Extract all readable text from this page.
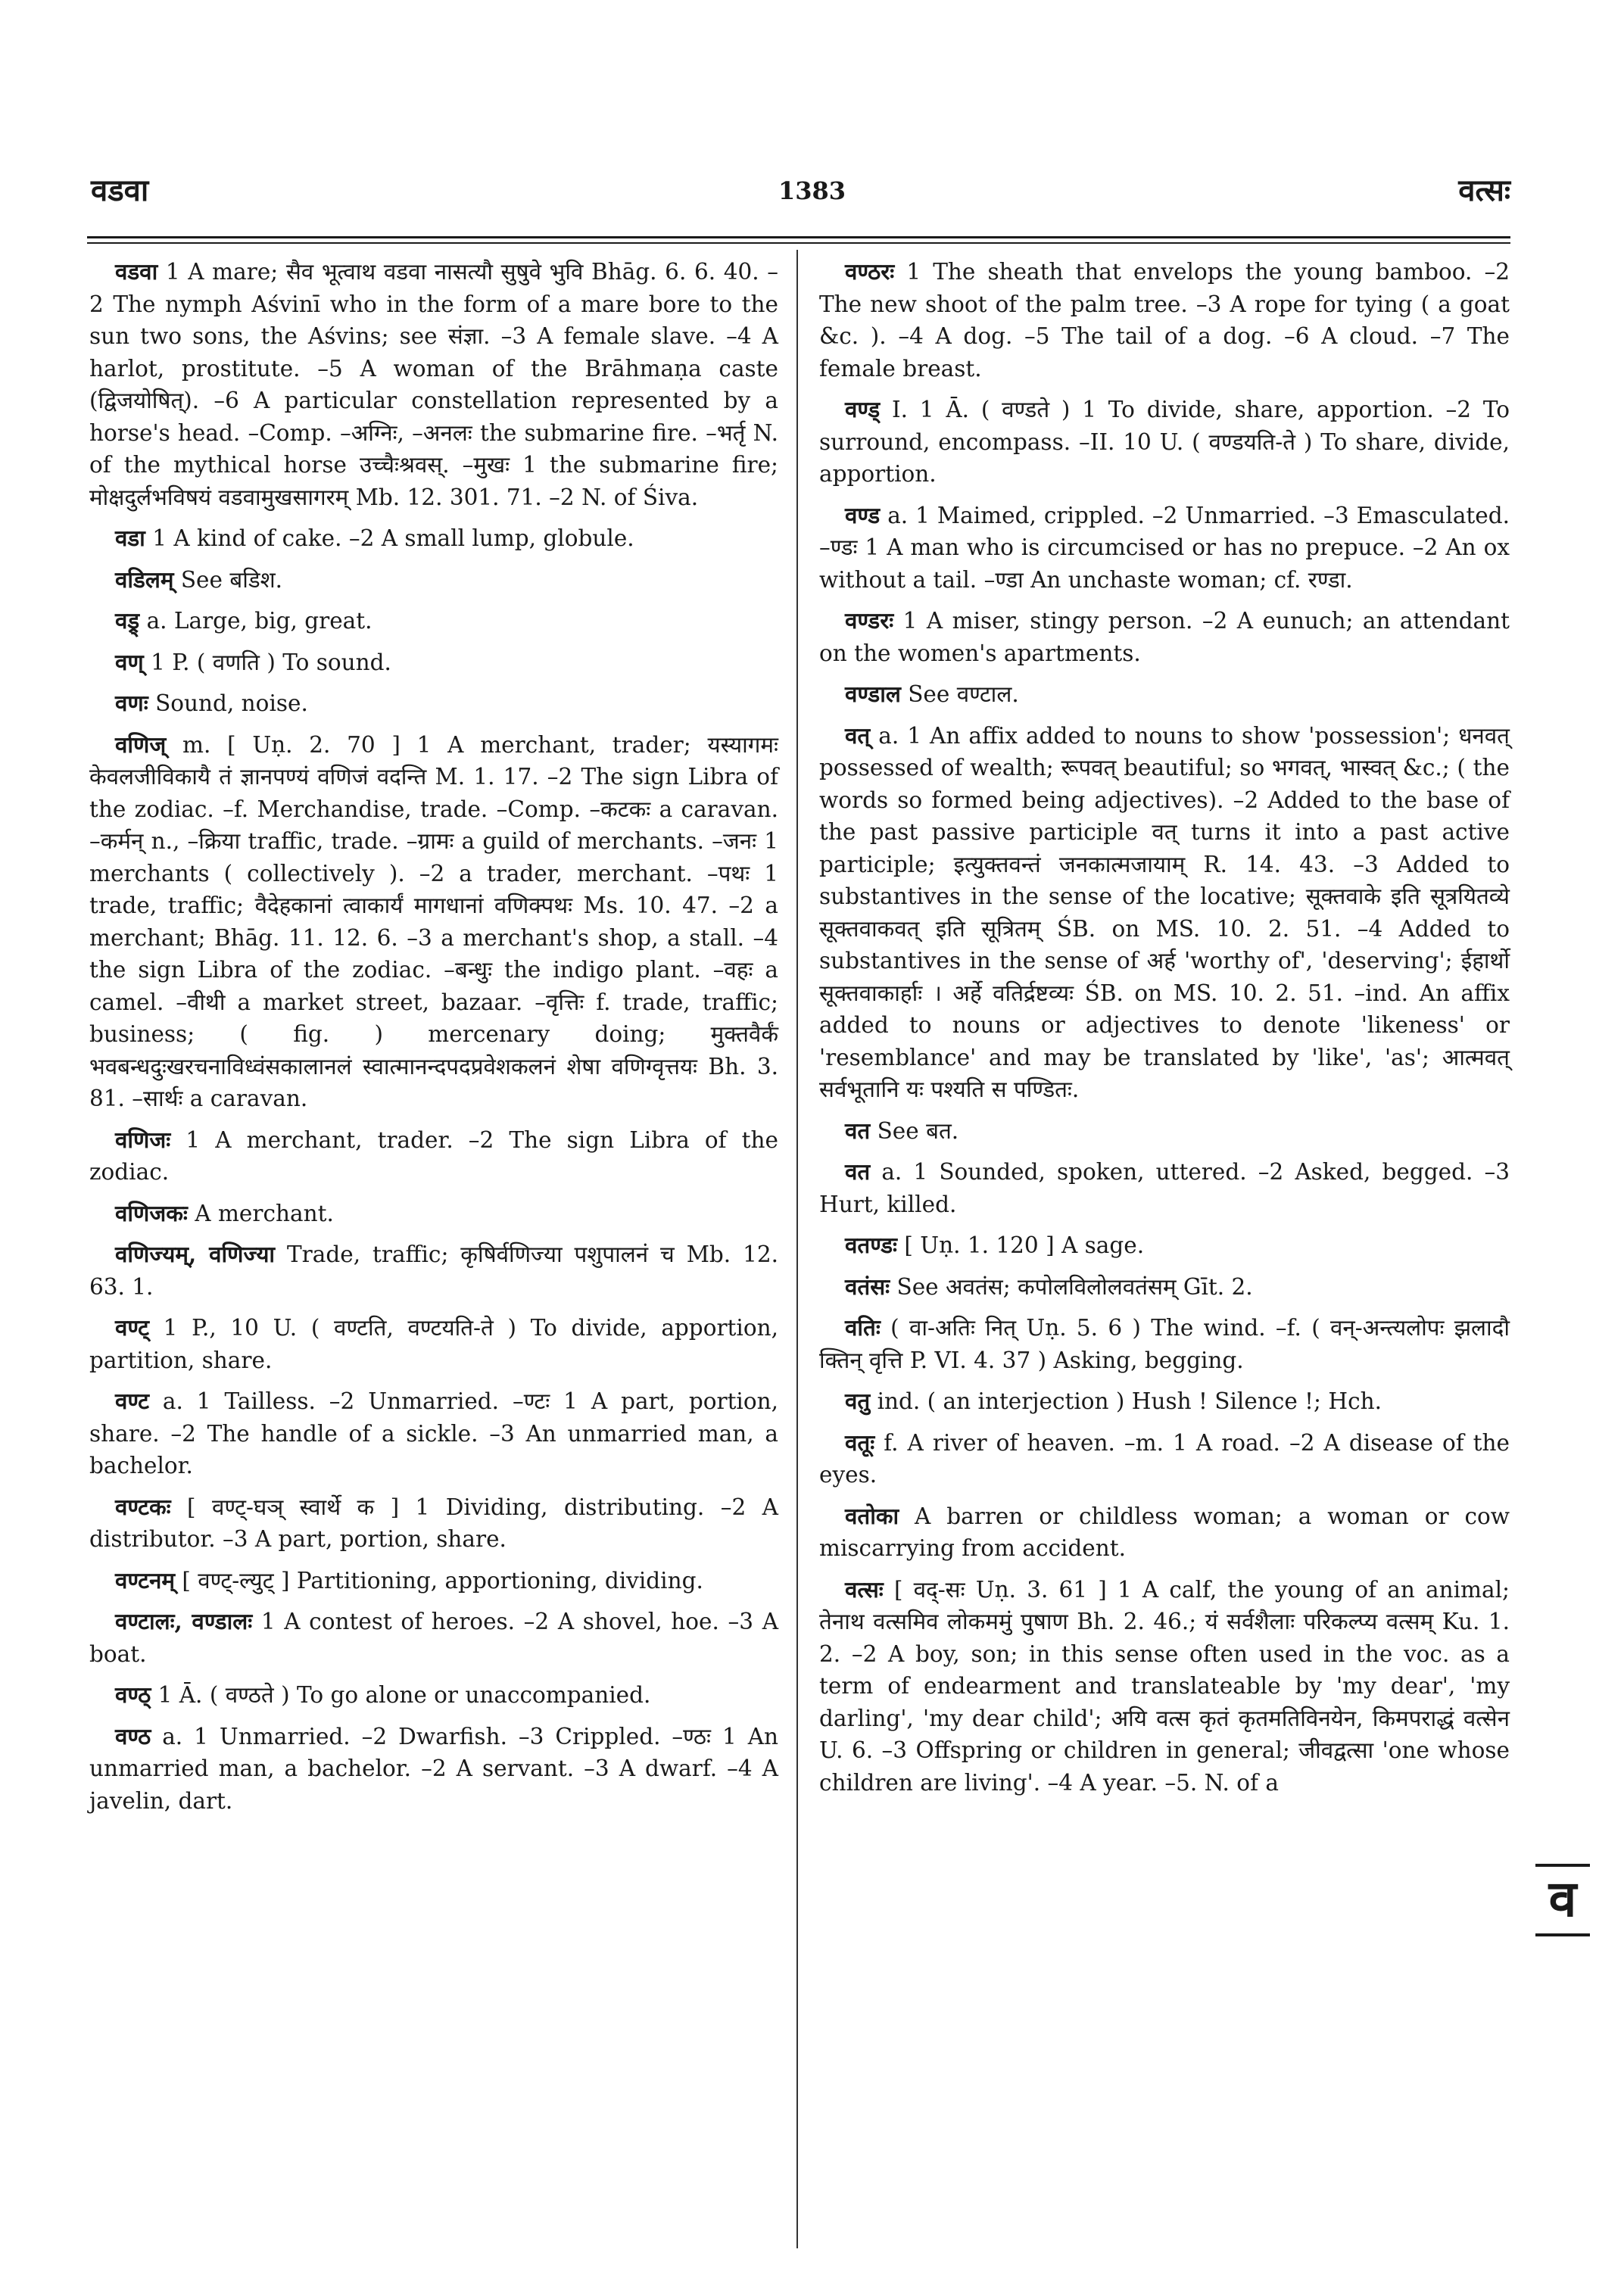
वडवा	1383	वत्सः

वडवा 1 A mare; सैव भूत्वाथ वडवा नासत्यौ सुषुवे भुवि Bhāg. 6. 6. 40. –2 The nymph Aśvinī who in the form of a mare bore to the sun two sons, the Aśvins; see संज्ञा. –3 A female slave. –4 A harlot, prostitute. –5 A woman of the Brāhmaṇa caste (द्विजयोषित्). –6 A particular constellation represented by a horse's head. –Comp. –अग्निः, –अनलः the submarine fire. –भर्तृ N. of the mythical horse उच्चैःश्रवस्. –मुखः 1 the submarine fire; मोक्षदुर्लभविषयं वडवामुखसागरम् Mb. 12. 301. 71. –2 N. of Śiva.

वडा 1 A kind of cake. –2 A small lump, globule.

वडिलम् See बडिश.

वड्र् a. Large, big, great.

वण् 1 P. ( वणति ) To sound.

वणः Sound, noise.

वणिज् m. [ Uṇ. 2. 70 ] 1 A merchant, trader; यस्यागमः केवलजीविकायै तं ज्ञानपण्यं वणिजं वदन्ति M. 1. 17. –2 The sign Libra of the zodiac. –f. Merchandise, trade. –Comp. –कटकः a caravan. –कर्मन् n., –क्रिया traffic, trade. –ग्रामः a guild of merchants. –जनः 1 merchants ( collectively ). –2 a trader, merchant. –पथः 1 trade, traffic; वैदेहकानां त्वाकार्यं मागधानां वणिक्पथः Ms. 10. 47. –2 a merchant; Bhāg. 11. 12. 6. –3 a merchant's shop, a stall. –4 the sign Libra of the zodiac. –बन्धुः the indigo plant. –वहः a camel. –वीथी a market street, bazaar. –वृत्तिः f. trade, traffic; business; ( fig. ) mercenary doing; मुक्तवैर्कं भवबन्धदुःखरचनाविध्वंसकालानलं स्वात्मानन्दपदप्रवेशकलनं शेषा वणिग्वृत्तयः Bh. 3. 81. –सार्थः a caravan.

वणिजः 1 A merchant, trader. –2 The sign Libra of the zodiac.

वणिजकः A merchant.

वणिज्यम्, वणिज्या Trade, traffic; कृषिर्वणिज्या पशुपालनं च Mb. 12. 63. 1.

वण्ट् 1 P., 10 U. ( वण्टति, वण्टयति-ते ) To divide, apportion, partition, share.

वण्ट a. 1 Tailless. –2 Unmarried. –ण्टः 1 A part, portion, share. –2 The handle of a sickle. –3 An unmarried man, a bachelor.

वण्टकः [ वण्ट्-घञ् स्वार्थे क ] 1 Dividing, distributing. –2 A distributor. –3 A part, portion, share.

वण्टनम् [ वण्ट्-ल्युट् ] Partitioning, apportioning, dividing.

वण्टालः, वण्डालः 1 A contest of heroes. –2 A shovel, hoe. –3 A boat.

वण्ठ् 1 Ā. ( वण्ठते ) To go alone or unaccompanied.

वण्ठ a. 1 Unmarried. –2 Dwarfish. –3 Crippled. –ण्ठः 1 An unmarried man, a bachelor. –2 A servant. –3 A dwarf. –4 A javelin, dart.

वण्ठरः 1 The sheath that envelops the young bamboo. –2 The new shoot of the palm tree. –3 A rope for tying ( a goat &c. ). –4 A dog. –5 The tail of a dog. –6 A cloud. –7 The female breast.

वण्ड् I. 1 Ā. ( वण्डते ) 1 To divide, share, apportion. –2 To surround, encompass. –II. 10 U. ( वण्डयति-ते ) To share, divide, apportion.

वण्ड a. 1 Maimed, crippled. –2 Unmarried. –3 Emasculated. –ण्डः 1 A man who is circumcised or has no prepuce. –2 An ox without a tail. –ण्डा An unchaste woman; cf. रण्डा.

वण्डरः 1 A miser, stingy person. –2 A eunuch; an attendant on the women's apartments.

वण्डाल See वण्टाल.

वत् a. 1 An affix added to nouns to show 'possession'; धनवत् possessed of wealth; रूपवत् beautiful; so भगवत्, भास्वत् &c.; ( the words so formed being adjectives). –2 Added to the base of the past passive participle वत् turns it into a past active participle; इत्युक्तवन्तं जनकात्मजायाम् R. 14. 43. –3 Added to substantives in the sense of the locative; सूक्तवाके इति सूत्रयितव्ये सूक्तवाकवत् इति सूत्रितम् ŚB. on MS. 10. 2. 51. –4 Added to substantives in the sense of अर्ह 'worthy of', 'deserving'; ईहार्थो सूक्तवाकार्हाः । अर्हे वतिर्द्रष्टव्यः ŚB. on MS. 10. 2. 51. –ind. An affix added to nouns or adjectives to denote 'likeness' or 'resemblance' and may be translated by 'like', 'as'; आत्मवत् सर्वभूतानि यः पश्यति स पण्डितः.

वत See बत.

वत a. 1 Sounded, spoken, uttered. –2 Asked, begged. –3 Hurt, killed.

वतण्डः [ Uṇ. 1. 120 ] A sage.

वतंसः See अवतंस; कपोलविलोलवतंसम् Gīt. 2.

वतिः ( वा-अतिः नित् Uṇ. 5. 6 ) The wind. –f. ( वन्-अन्त्यलोपः झलादौ क्तिन् वृत्ति P. VI. 4. 37 ) Asking, begging.

वतु ind. ( an interjection ) Hush ! Silence !; Hch.

वतूः f. A river of heaven. –m. 1 A road. –2 A disease of the eyes.

वतोका A barren or childless woman; a woman or cow miscarrying from accident.

वत्सः [ वद्-सः Uṇ. 3. 61 ] 1 A calf, the young of an animal; तेनाथ वत्समिव लोकममुं पुषाण Bh. 2. 46.; यं सर्वशैलाः परिकल्प्य वत्सम् Ku. 1. 2. –2 A boy, son; in this sense often used in the voc. as a term of endearment and translateable by 'my dear', 'my darling', 'my dear child'; अयि वत्स कृतं कृतमतिविनयेन, किमपराद्धं वत्सेन U. 6. –3 Offspring or children in general; जीवद्वत्सा 'one whose children are living'. –4 A year. –5. N. of a

व
